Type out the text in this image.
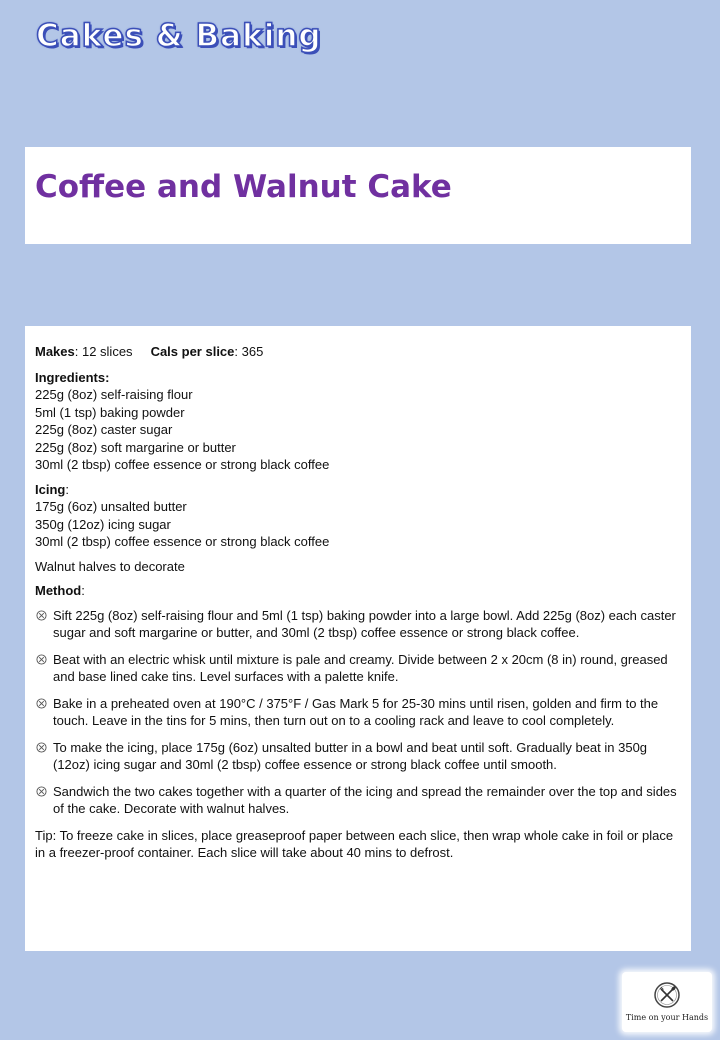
Cakes & Baking
Coffee and Walnut Cake
Makes: 12 slices Cals per slice: 365
Ingredients:
225g (8oz) self-raising flour
5ml (1 tsp) baking powder
225g (8oz) caster sugar
225g (8oz) soft margarine or butter
30ml (2 tbsp) coffee essence or strong black coffee
Icing:
175g (6oz) unsalted butter
350g (12oz) icing sugar
30ml (2 tbsp) coffee essence or strong black coffee
Walnut halves to decorate
Method:
Sift 225g (8oz) self-raising flour and 5ml (1 tsp) baking powder into a large bowl. Add 225g (8oz) each caster sugar and soft margarine or butter, and 30ml (2 tbsp) coffee essence or strong black coffee.
Beat with an electric whisk until mixture is pale and creamy. Divide between 2 x 20cm (8 in) round, greased and base lined cake tins. Level surfaces with a palette knife.
Bake in a preheated oven at 190°C / 375°F / Gas Mark 5 for 25-30 mins until risen, golden and firm to the touch. Leave in the tins for 5 mins, then turn out on to a cooling rack and leave to cool completely.
To make the icing, place 175g (6oz) unsalted butter in a bowl and beat until soft. Gradually beat in 350g (12oz) icing sugar and 30ml (2 tbsp) coffee essence or strong black coffee until smooth.
Sandwich the two cakes together with a quarter of the icing and spread the remainder over the top and sides of the cake. Decorate with walnut halves.
Tip: To freeze cake in slices, place greaseproof paper between each slice, then wrap whole cake in foil or place in a freezer-proof container. Each slice will take about 40 mins to defrost.
Time on your Hands
